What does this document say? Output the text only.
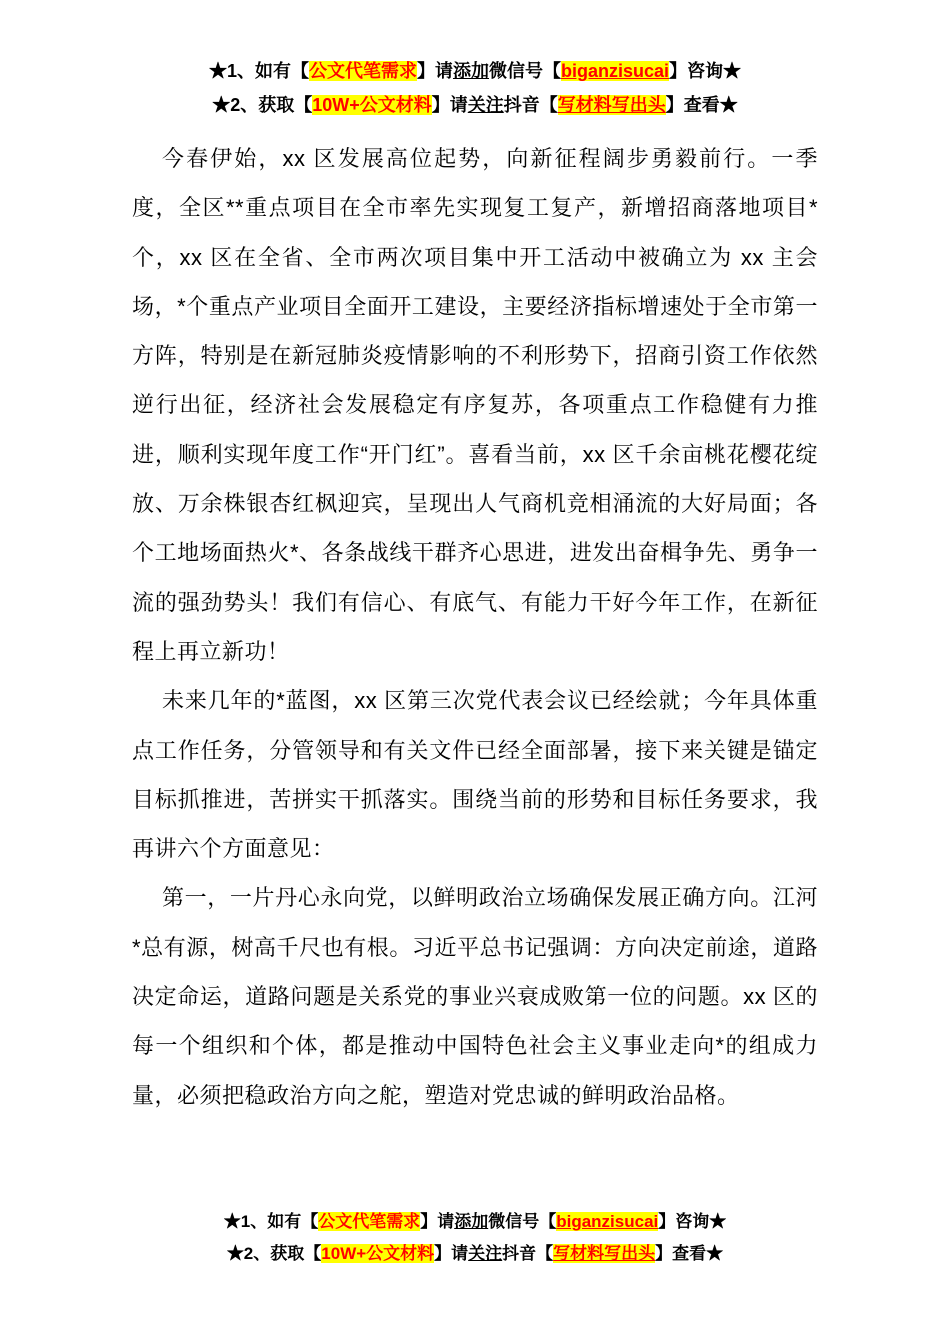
★1、如有【公文代笔需求】请添加微信号【biganzisucai】咨询★
★2、获取【10W+公文材料】请关注抖音【写材料写出头】查看★

今春伊始，xx 区发展高位起势，向新征程阔步勇毅前行。一季度，全区**重点项目在全市率先实现复工复产，新增招商落地项目*个，xx 区在全省、全市两次项目集中开工活动中被确立为 xx 主会场，*个重点产业项目全面开工建设，主要经济指标增速处于全市第一方阵，特别是在新冠肺炎疫情影响的不利形势下，招商引资工作依然逆行出征，经济社会发展稳定有序复苏，各项重点工作稳健有力推进，顺利实现年度工作“开门红”。喜看当前，xx 区千余亩桃花樱花绽放、万余株银杏红枫迎宾，呈现出人气商机竞相涌流的大好局面；各个工地场面热火*、各条战线干群齐心思进，进发出奋楫争先、勇争一流的强劲势头！我们有信心、有底气、有能力干好今年工作，在新征程上再立新功！

未来几年的*蓝图，xx 区第三次党代表会议已经绘就；今年具体重点工作任务，分管领导和有关文件已经全面部暑，接下来关键是锚定目标抓推进，苦拼实干抓落实。围绕当前的形势和目标任务要求，我再讲六个方面意见：

第一，一片丹心永向党，以鲜明政治立场确保发展正确方向。江河*总有源，树高千尺也有根。习近平总书记强调：方向决定前途，道路决定命运，道路问题是关系党的事业兴衰成败第一位的问题。xx 区的每一个组织和个体，都是推动中国特色社会主义事业走向*的组成力量，必须把稳政治方向之舵，塑造对党忠诚的鲜明政治品格。

★1、如有【公文代笔需求】请添加微信号【biganzisucai】咨询★
★2、获取【10W+公文材料】请关注抖音【写材料写出头】查看★
